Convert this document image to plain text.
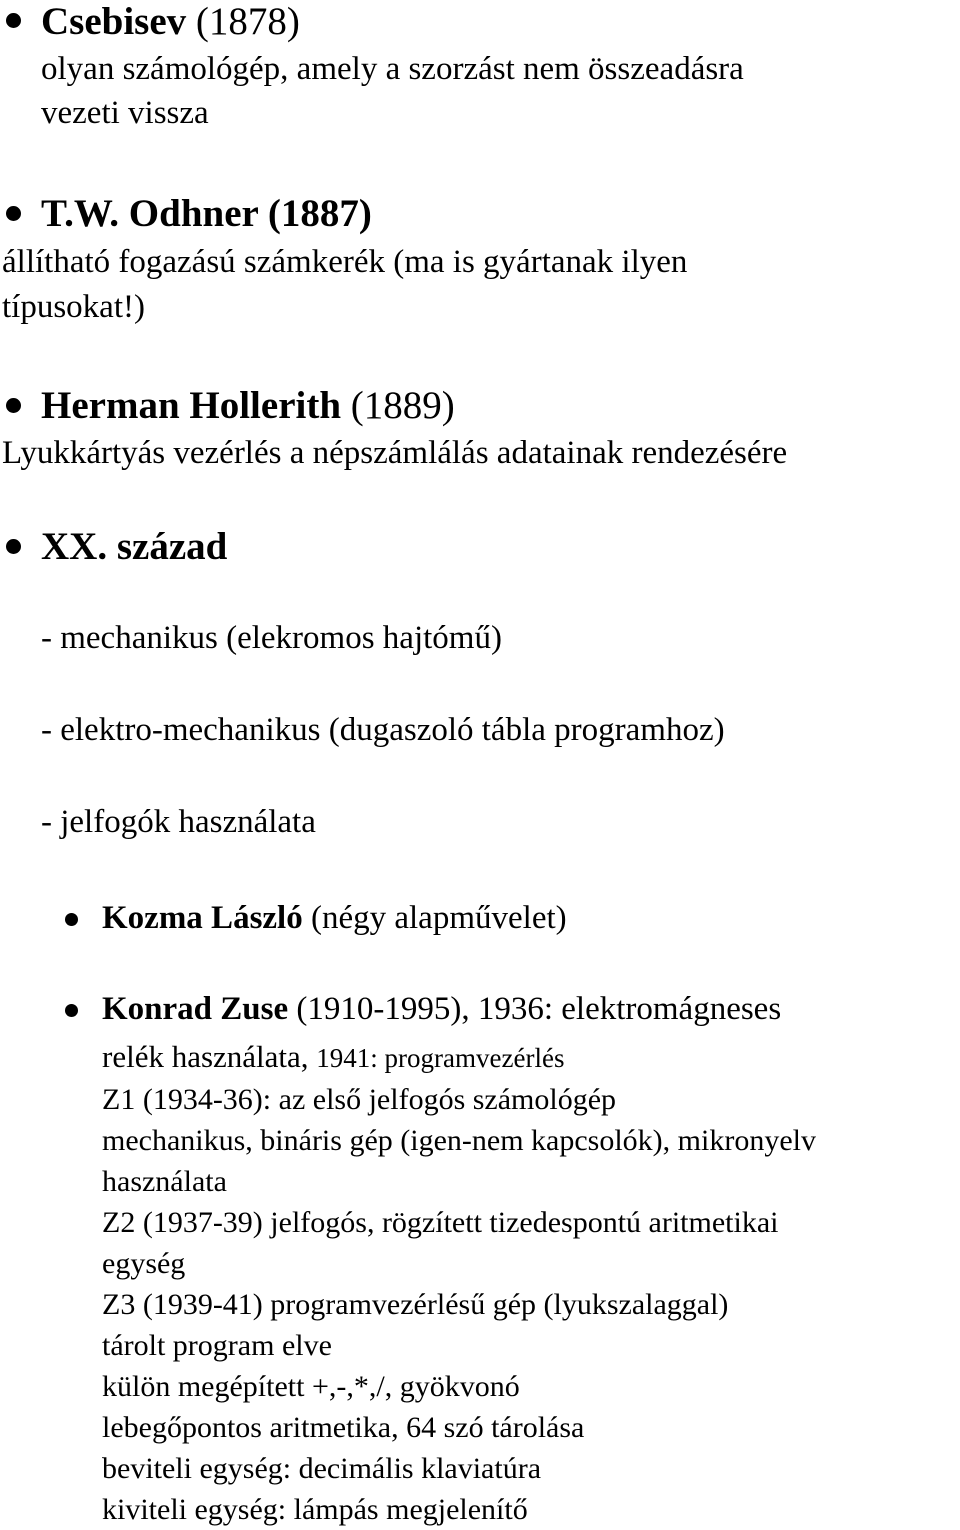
Csebisev (1878)
olyan számológép, amely a szorzást nem összeadásra
vezeti vissza
T.W. Odhner (1887)
állítható fogazású számkerék (ma is gyártanak ilyen
típusokat!)
Herman Hollerith (1889)
Lyukkártyás vezérlés a népszámlálás adatainak rendezésére
XX. század
- mechanikus (elekromos hajtómű)
- elektro-mechanikus (dugaszoló tábla programhoz)
- jelfogók használata
Kozma László (négy alapművelet)
Konrad Zuse (1910-1995), 1936: elektromágneses
relék használata, 1941: programvezérlés
Z1 (1934-36): az első jelfogós számológép
mechanikus, bináris gép (igen-nem kapcsolók), mikronyelv
használata
Z2 (1937-39) jelfogós, rögzített tizedespontú aritmetikai
egység
Z3 (1939-41) programvezérlésű gép (lyukszalaggal)
tárolt program elve
külön megépített +,-,*,/, gyökvonó
lebegőpontos aritmetika, 64 szó tárolása
beviteli egység: decimális klaviatúra
kiviteli egység: lámpás megjelenítő
